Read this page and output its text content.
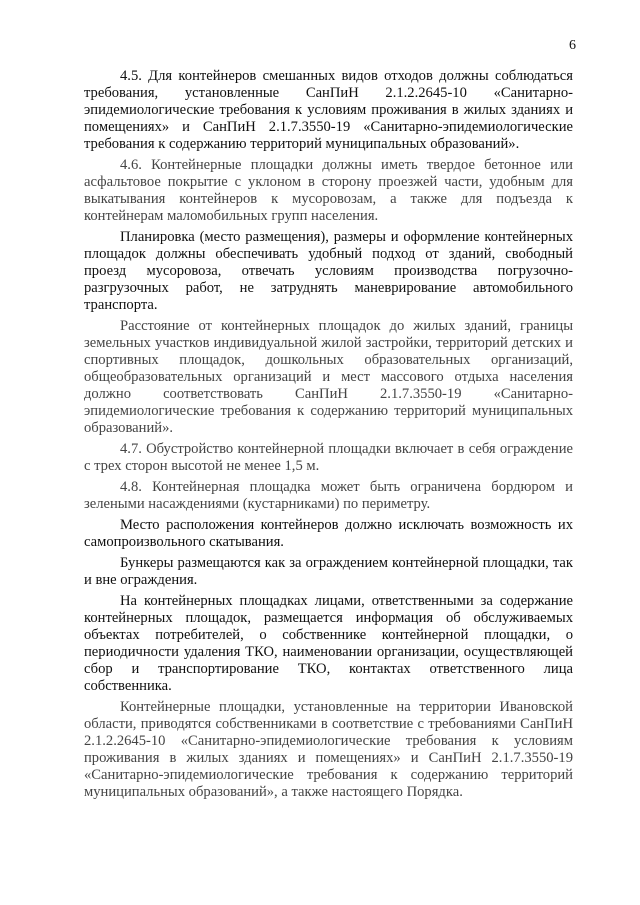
6

4.5. Для контейнеров смешанных видов отходов должны соблюдаться требования, установленные СанПиН 2.1.2.2645-10 «Санитарно-эпидемиологические требования к условиям проживания в жилых зданиях и помещениях» и СанПиН 2.1.7.3550-19 «Санитарно-эпидемиологические требования к содержанию территорий муниципальных образований».

4.6. Контейнерные площадки должны иметь твердое бетонное или асфальтовое покрытие с уклоном в сторону проезжей части, удобным для выкатывания контейнеров к мусоровозам, а также для подъезда к контейнерам маломобильных групп населения.

Планировка (место размещения), размеры и оформление контейнерных площадок должны обеспечивать удобный подход от зданий, свободный проезд мусоровоза, отвечать условиям производства погрузочно-разгрузочных работ, не затруднять маневрирование автомобильного транспорта.

Расстояние от контейнерных площадок до жилых зданий, границы земельных участков индивидуальной жилой застройки, территорий детских и спортивных площадок, дошкольных образовательных организаций, общеобразовательных организаций и мест массового отдыха населения должно соответствовать СанПиН 2.1.7.3550-19 «Санитарно-эпидемиологические требования к содержанию территорий муниципальных образований».

4.7. Обустройство контейнерной площадки включает в себя ограждение с трех сторон высотой не менее 1,5 м.

4.8. Контейнерная площадка может быть ограничена бордюром и зелеными насаждениями (кустарниками) по периметру.

Место расположения контейнеров должно исключать возможность их самопроизвольного скатывания.

Бункеры размещаются как за ограждением контейнерной площадки, так и вне ограждения.

На контейнерных площадках лицами, ответственными за содержание контейнерных площадок, размещается информация об обслуживаемых объектах потребителей, о собственнике контейнерной площадки, о периодичности удаления ТКО, наименовании организации, осуществляющей сбор и транспортирование ТКО, контактах ответственного лица собственника.

Контейнерные площадки, установленные на территории Ивановской области, приводятся собственниками в соответствие с требованиями СанПиН 2.1.2.2645-10 «Санитарно-эпидемиологические требования к условиям проживания в жилых зданиях и помещениях» и СанПиН 2.1.7.3550-19 «Санитарно-эпидемиологические требования к содержанию территорий муниципальных образований», а также настоящего Порядка.
